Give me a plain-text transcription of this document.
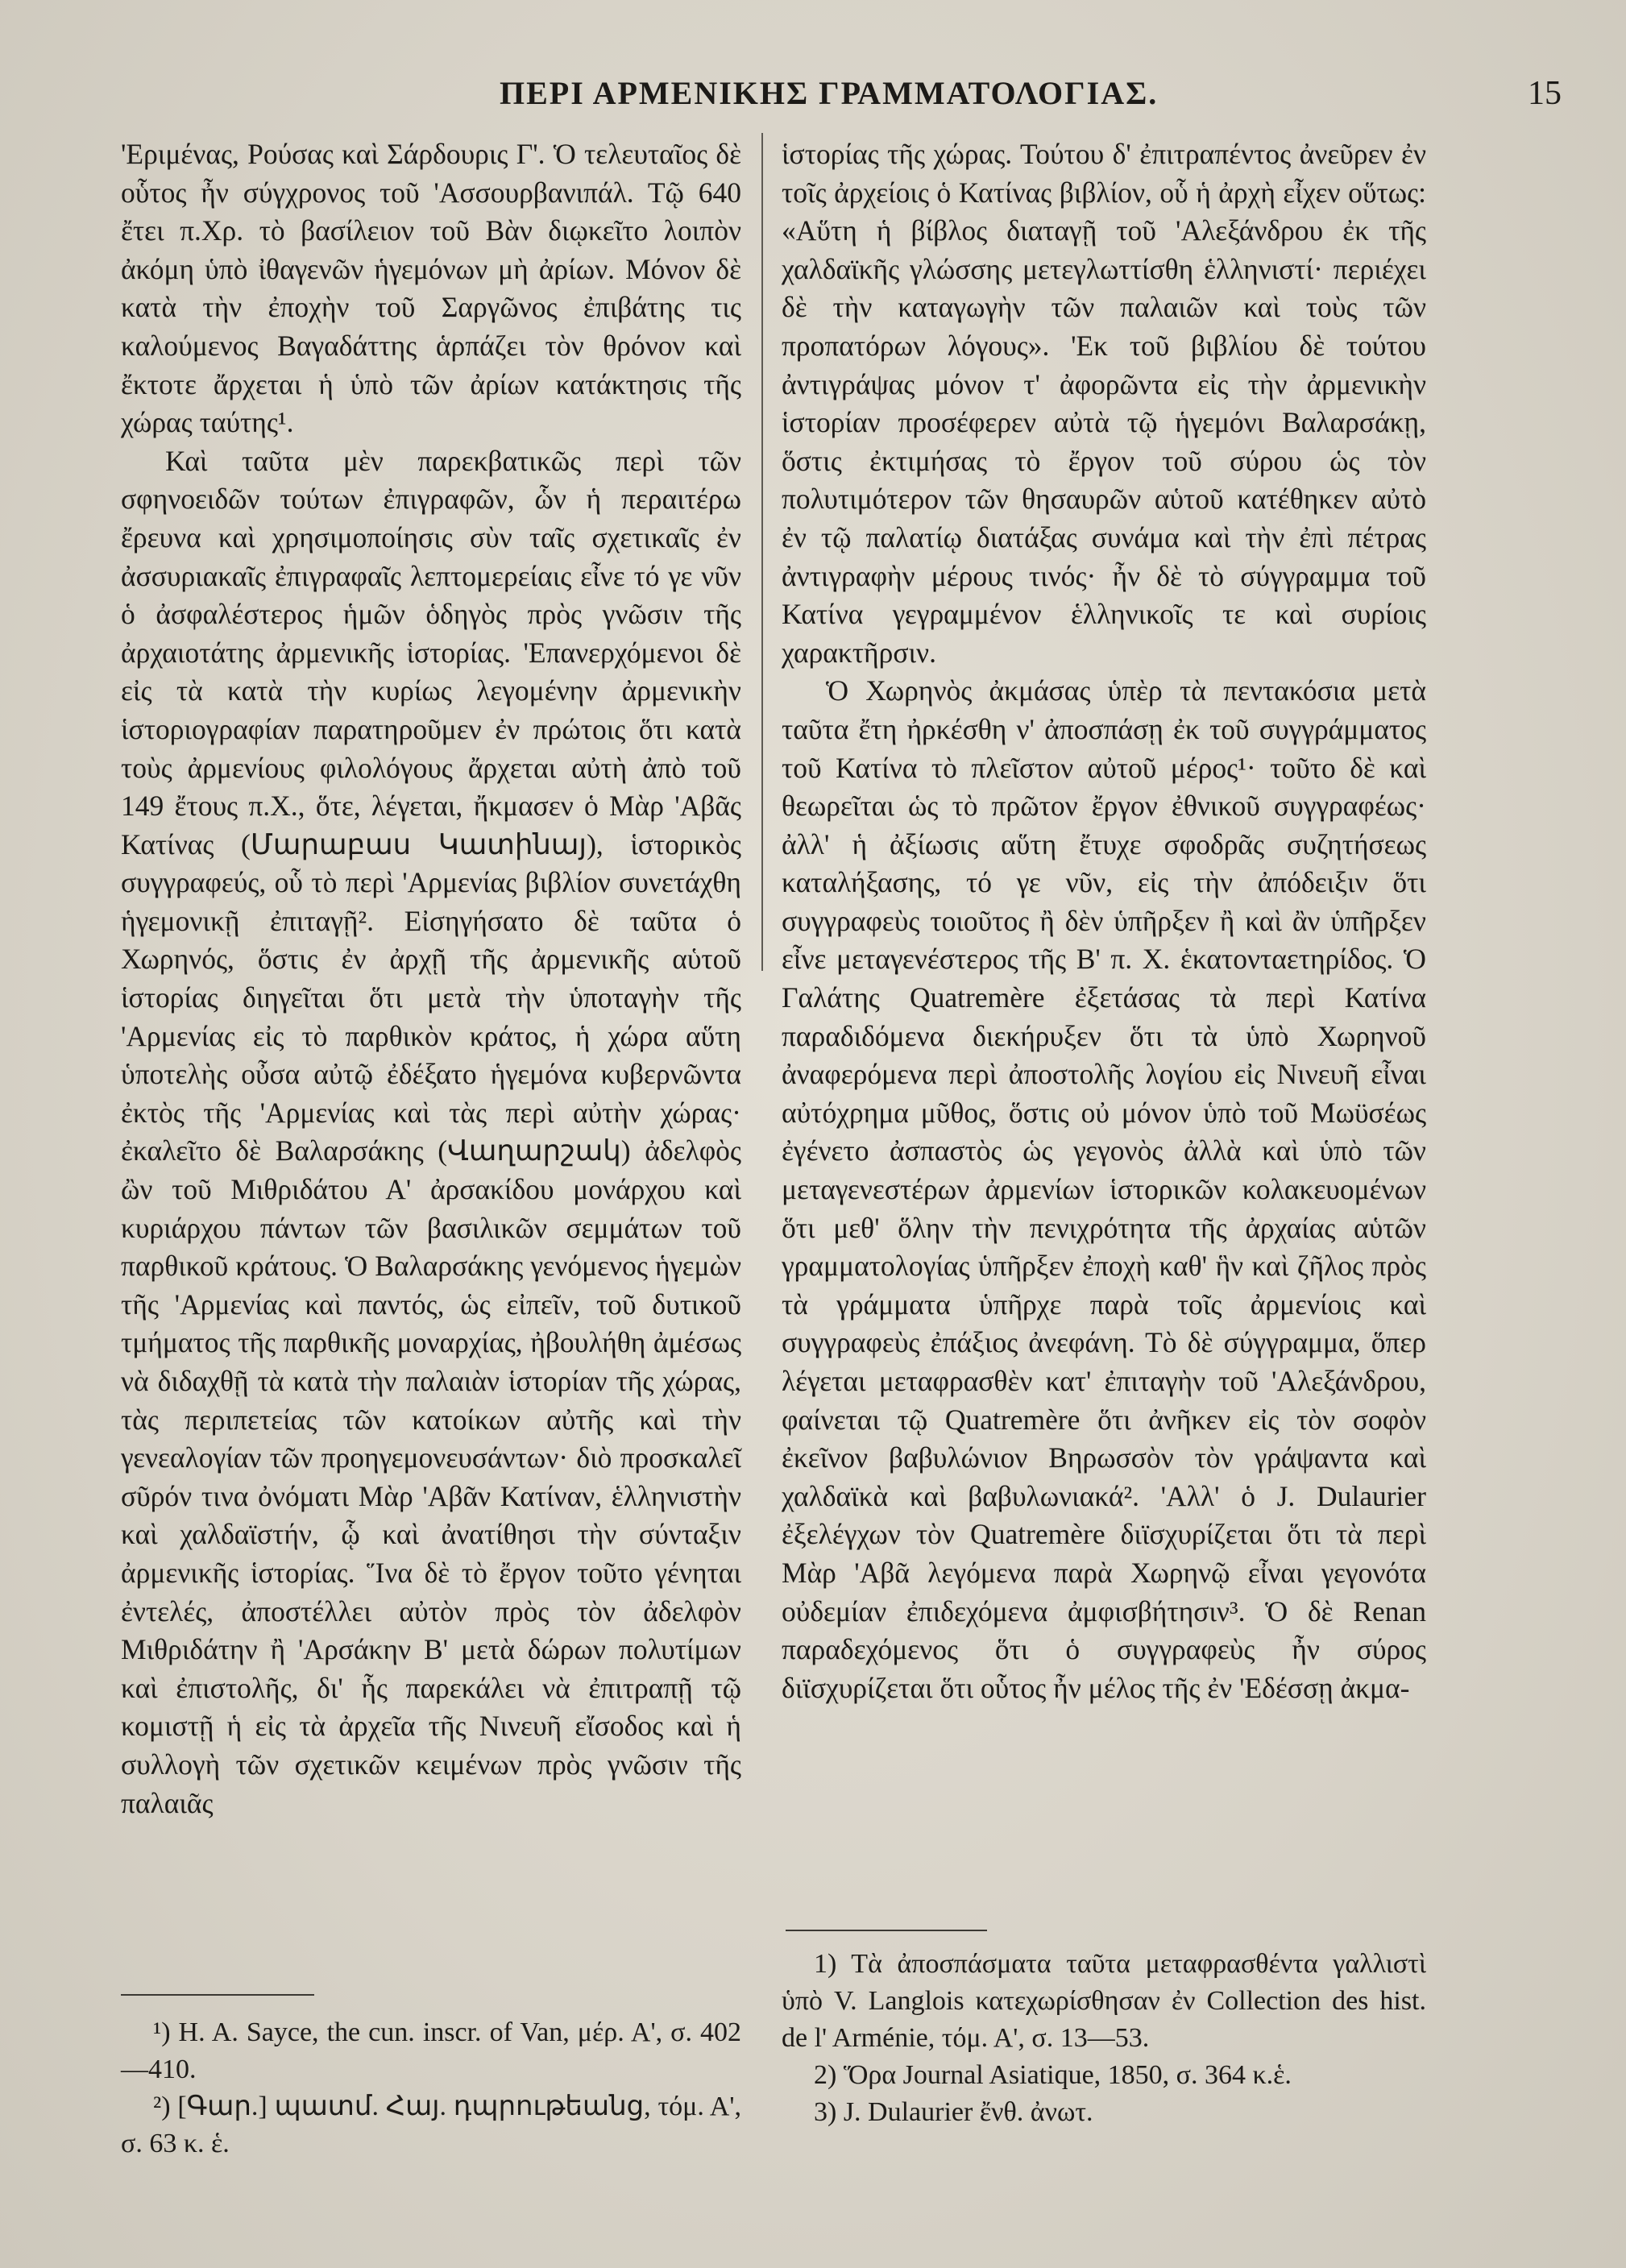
ΠΕΡΙ ΑΡΜΕΝΙΚΗΣ ΓΡΑΜΜΑΤΟΛΟΓΙΑΣ.	15

'Εριμένας, Ρούσας καὶ Σάρδουρις Γ'. Ὁ τελευταῖος δὲ οὗτος ἦν σύγχρονος τοῦ 'Ασσουρβανιπάλ. Τῷ 640 ἔτει π.Χρ. τὸ βασίλειον τοῦ Βὰν διῳκεῖτο λοιπὸν ἀκόμη ὑπὸ ἰθαγενῶν ἡγεμόνων μὴ ἀρίων. Μόνον δὲ κατὰ τὴν ἐποχὴν τοῦ Σαργῶνος ἐπιβάτης τις καλούμενος Βαγαδάττης ἁρπάζει τὸν θρόνον καὶ ἔκτοτε ἄρχεται ἡ ὑπὸ τῶν ἀρίων κατάκτησις τῆς χώρας ταύτης¹.

Καὶ ταῦτα μὲν παρεκβατικῶς περὶ τῶν σφηνοειδῶν τούτων ἐπιγραφῶν, ὧν ἡ περαιτέρω ἔρευνα καὶ χρησιμοποίησις σὺν ταῖς σχετικαῖς ἐν ἀσσυριακαῖς ἐπιγραφαῖς λεπτομερείαις εἶνε τό γε νῦν ὁ ἀσφαλέστερος ἡμῶν ὁδηγὸς πρὸς γνῶσιν τῆς ἀρχαιοτάτης ἀρμενικῆς ἱστορίας. 'Επανερχόμενοι δὲ εἰς τὰ κατὰ τὴν κυρίως λεγομένην ἀρμενικὴν ἱστοριογραφίαν παρατηροῦμεν ἐν πρώτοις ὅτι κατὰ τοὺς ἀρμενίους φιλολόγους ἄρχεται αὐτὴ ἀπὸ τοῦ 149 ἔτους π.Χ., ὅτε, λέγεται, ἤκμασεν ὁ Μὰρ 'Αβᾶς Κατίνας (Մարաբաս Կատինայ), ἱστορικὸς συγγραφεύς, οὗ τὸ περὶ 'Αρμενίας βιβλίον συνετάχθη ἡγεμονικῇ ἐπιταγῇ². Εἰσηγήσατο δὲ ταῦτα ὁ Χωρηνός, ὅστις ἐν ἀρχῇ τῆς ἀρμενικῆς αὑτοῦ ἱστορίας διηγεῖται ὅτι μετὰ τὴν ὑποταγὴν τῆς 'Αρμενίας εἰς τὸ παρθικὸν κράτος, ἡ χώρα αὕτη ὑποτελὴς οὖσα αὐτῷ ἐδέξατο ἡγεμόνα κυβερνῶντα ἐκτὸς τῆς 'Αρμενίας καὶ τὰς περὶ αὐτὴν χώρας· ἐκαλεῖτο δὲ Βαλαρσάκης (Վաղարշակ) ἀδελφὸς ὢν τοῦ Μιθριδάτου Α' ἀρσακίδου μονάρχου καὶ κυριάρχου πάντων τῶν βασιλικῶν σεμμάτων τοῦ παρθικοῦ κράτους. Ὁ Βαλαρσάκης γενόμενος ἡγεμὼν τῆς 'Αρμενίας καὶ παντός, ὡς εἰπεῖν, τοῦ δυτικοῦ τμήματος τῆς παρθικῆς μοναρχίας, ἠβουλήθη ἀμέσως νὰ διδαχθῇ τὰ κατὰ τὴν παλαιὰν ἱστορίαν τῆς χώρας, τὰς περιπετείας τῶν κατοίκων αὐτῆς καὶ τὴν γενεαλογίαν τῶν προηγεμονευσάντων· διὸ προσκαλεῖ σῦρόν τινα ὀνόματι Μὰρ 'Αβᾶν Κατίναν, ἑλληνιστὴν καὶ χαλδαϊστήν, ᾧ καὶ ἀνατίθησι τὴν σύνταξιν ἀρμενικῆς ἱστορίας. Ἵνα δὲ τὸ ἔργον τοῦτο γένηται ἐντελές, ἀποστέλλει αὐτὸν πρὸς τὸν ἀδελφὸν Μιθριδάτην ἢ 'Αρσάκην Β' μετὰ δώρων πολυτίμων καὶ ἐπιστολῆς, δι' ἧς παρεκάλει νὰ ἐπιτραπῇ τῷ κομιστῇ ἡ εἰς τὰ ἀρχεῖα τῆς Νινευῆ εἴσοδος καὶ ἡ συλλογὴ τῶν σχετικῶν κειμένων πρὸς γνῶσιν τῆς παλαιᾶς

ἱστορίας τῆς χώρας. Τούτου δ' ἐπιτραπέντος ἀνεῦρεν ἐν τοῖς ἀρχείοις ὁ Κατίνας βιβλίον, οὗ ἡ ἀρχὴ εἶχεν οὕτως: «Αὕτη ἡ βίβλος διαταγῇ τοῦ 'Αλεξάνδρου ἐκ τῆς χαλδαϊκῆς γλώσσης μετεγλωττίσθη ἑλληνιστί· περιέχει δὲ τὴν καταγωγὴν τῶν παλαιῶν καὶ τοὺς τῶν προπατόρων λόγους». 'Εκ τοῦ βιβλίου δὲ τούτου ἀντιγράψας μόνον τ' ἀφορῶντα εἰς τὴν ἀρμενικὴν ἱστορίαν προσέφερεν αὐτὰ τῷ ἡγεμόνι Βαλαρσάκῃ, ὅστις ἐκτιμήσας τὸ ἔργον τοῦ σύρου ὡς τὸν πολυτιμότερον τῶν θησαυρῶν αὑτοῦ κατέθηκεν αὐτὸ ἐν τῷ παλατίῳ διατάξας συνάμα καὶ τὴν ἐπὶ πέτρας ἀντιγραφὴν μέρους τινός· ἦν δὲ τὸ σύγγραμμα τοῦ Κατίνα γεγραμμένον ἑλληνικοῖς τε καὶ συρίοις χαρακτῆρσιν.

Ὁ Χωρηνὸς ἀκμάσας ὑπὲρ τὰ πεντακόσια μετὰ ταῦτα ἔτη ἠρκέσθη ν' ἀποσπάσῃ ἐκ τοῦ συγγράμματος τοῦ Κατίνα τὸ πλεῖστον αὐτοῦ μέρος¹· τοῦτο δὲ καὶ θεωρεῖται ὡς τὸ πρῶτον ἔργον ἐθνικοῦ συγγραφέως· ἀλλ' ἡ ἀξίωσις αὕτη ἔτυχε σφοδρᾶς συζητήσεως καταλήξασης, τό γε νῦν, εἰς τὴν ἀπόδειξιν ὅτι συγγραφεὺς τοιοῦτος ἢ δὲν ὑπῆρξεν ἢ καὶ ἂν ὑπῆρξεν εἶνε μεταγενέστερος τῆς Β' π. Χ. ἑκατονταετηρίδος. Ὁ Γαλάτης Quatremère ἐξετάσας τὰ περὶ Κατίνα παραδιδόμενα διεκήρυξεν ὅτι τὰ ὑπὸ Χωρηνοῦ ἀναφερόμενα περὶ ἀποστολῆς λογίου εἰς Νινευῆ εἶναι αὐτόχρημα μῦθος, ὅστις οὐ μόνον ὑπὸ τοῦ Μωϋσέως ἐγένετο ἀσπαστὸς ὡς γεγονὸς ἀλλὰ καὶ ὑπὸ τῶν μεταγενεστέρων ἀρμενίων ἱστορικῶν κολακευομένων ὅτι μεθ' ὅλην τὴν πενιχρότητα τῆς ἀρχαίας αὑτῶν γραμματολογίας ὑπῆρξεν ἐποχὴ καθ' ἣν καὶ ζῆλος πρὸς τὰ γράμματα ὑπῆρχε παρὰ τοῖς ἀρμενίοις καὶ συγγραφεὺς ἐπάξιος ἀνεφάνη. Τὸ δὲ σύγγραμμα, ὅπερ λέγεται μεταφρασθὲν κατ' ἐπιταγὴν τοῦ 'Αλεξάνδρου, φαίνεται τῷ Quatremère ὅτι ἀνῆκεν εἰς τὸν σοφὸν ἐκεῖνον βαβυλώνιον Βηρωσσὸν τὸν γράψαντα καὶ χαλδαϊκὰ καὶ βαβυλωνιακά². 'Αλλ' ὁ J. Dulaurier ἐξελέγχων τὸν Quatremère διϊσχυρίζεται ὅτι τὰ περὶ Μὰρ 'Αβᾶ λεγόμενα παρὰ Χωρηνῷ εἶναι γεγονότα οὐδεμίαν ἐπιδεχόμενα ἀμφισβήτησιν³. Ὁ δὲ Renan παραδεχόμενος ὅτι ὁ συγγραφεὺς ἦν σύρος διϊσχυρίζεται ὅτι οὗτος ἦν μέλος τῆς ἐν 'Εδέσσῃ ἀκμα-

¹) H. A. Sayce, the cun. inscr. of Van, μέρ. Α', σ. 402—410.

²) [Գար.] պատմ. Հայ. դպրութեանց, τόμ. Α', σ. 63 κ. ἑ.

1) Τὰ ἀποσπάσματα ταῦτα μεταφρασθέντα γαλλιστὶ ὑπὸ V. Langlois κατεχωρίσθησαν ἐν Collection des hist. de l' Arménie, τόμ. Α', σ. 13—53.

2) Ὅρα Journal Asiatique, 1850, σ. 364 κ.ἑ.

3) J. Dulaurier ἔνθ. ἀνωτ.
